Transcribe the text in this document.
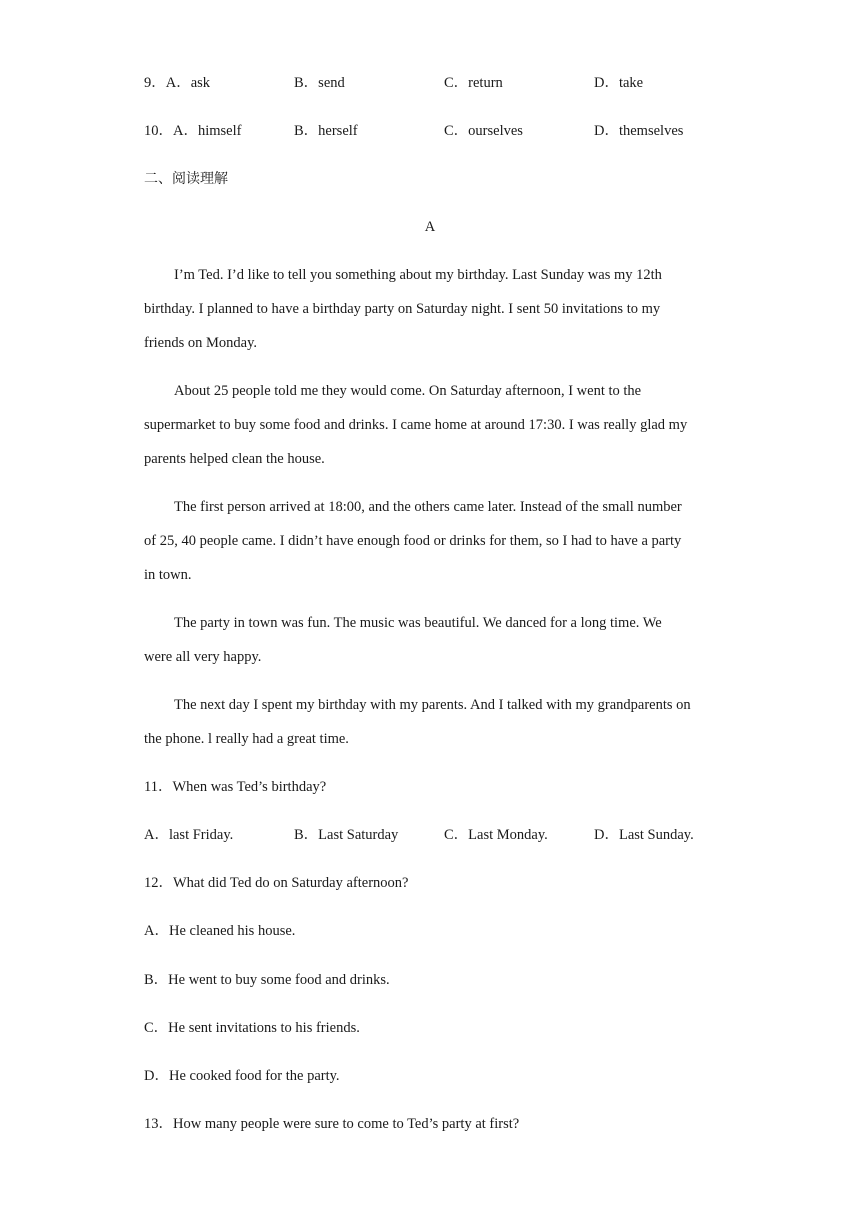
9．A．ask	B．send	C．return	D．take
10．A．himself	B．herself	C．ourselves	D．themselves
二、阅读理解
A
I’m Ted. I’d like to tell you something about my birthday. Last Sunday was my 12th
birthday. I planned to have a birthday party on Saturday night. I sent 50 invitations to my
friends on Monday.
About 25 people told me they would come. On Saturday afternoon, I went to the
supermarket to buy some food and drinks. I came home at around 17:30. I was really glad my
parents helped clean the house.
The first person arrived at 18:00, and the others came later. Instead of the small number
of 25, 40 people came. I didn’t have enough food or drinks for them, so I had to have a party
in town.
The party in town was fun. The music was beautiful. We danced for a long time. We
were all very happy.
The next day I spent my birthday with my parents. And I talked with my grandparents on
the phone. l really had a great time.
11．When was Ted’s birthday?
A．last Friday.	B．Last Saturday	C．Last Monday.	D．Last Sunday.
12．What did Ted do on Saturday afternoon?
A．He cleaned his house.
B．He went to buy some food and drinks.
C．He sent invitations to his friends.
D．He cooked food for the party.
13．How many people were sure to come to Ted’s party at first?
